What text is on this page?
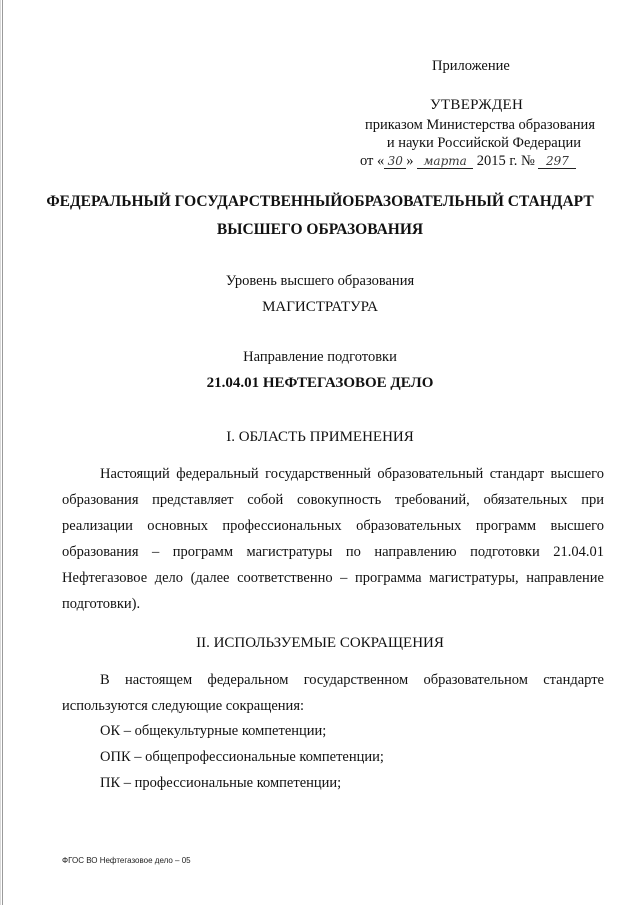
Приложение
УТВЕРЖДЕН
приказом Министерства образования
и науки Российской Федерации
от « 30 » марта 2015 г. № 297
ФЕДЕРАЛЬНЫЙ ГОСУДАРСТВЕННЫЙОБРАЗОВАТЕЛЬНЫЙ СТАНДАРТ
ВЫСШЕГО ОБРАЗОВАНИЯ
Уровень высшего образования
МАГИСТРАТУРА
Направление подготовки
21.04.01 НЕФТЕГАЗОВОЕ ДЕЛО
I. ОБЛАСТЬ ПРИМЕНЕНИЯ
Настоящий федеральный государственный образовательный стандарт высшего образования представляет собой совокупность требований, обязательных при реализации основных профессиональных образовательных программ высшего образования – программ магистратуры по направлению подготовки 21.04.01 Нефтегазовое дело (далее соответственно – программа магистратуры, направление подготовки).
II. ИСПОЛЬЗУЕМЫЕ СОКРАЩЕНИЯ
В настоящем федеральном государственном образовательном стандарте используются следующие сокращения:
ОК – общекультурные компетенции;
ОПК – общепрофессиональные компетенции;
ПК – профессиональные компетенции;
ФГОС ВО Нефтегазовое дело – 05
